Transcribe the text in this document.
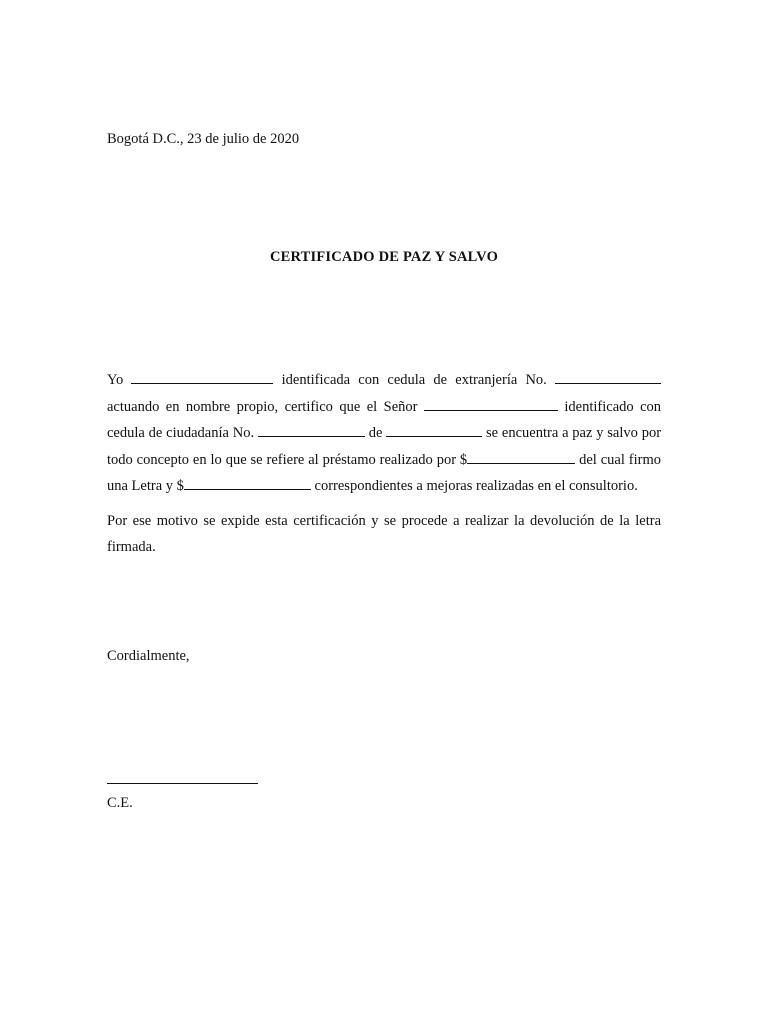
Bogotá D.C., 23 de julio de 2020
CERTIFICADO DE PAZ Y SALVO

Yo	identificada con cedula de extranjería No.  actuando en nombre propio, certifico que el Señor	identificado con cedula de ciudadanía No.	de	se encuentra a paz y salvo por todo concepto en lo que se refiere al préstamo realizado por $	del cual firmo una Letra y $	correspondientes a mejoras realizadas en el consultorio.

Por ese motivo se expide esta certificación y se procede a realizar la devolución de la letra firmada.

Cordialmente,
C.E.
